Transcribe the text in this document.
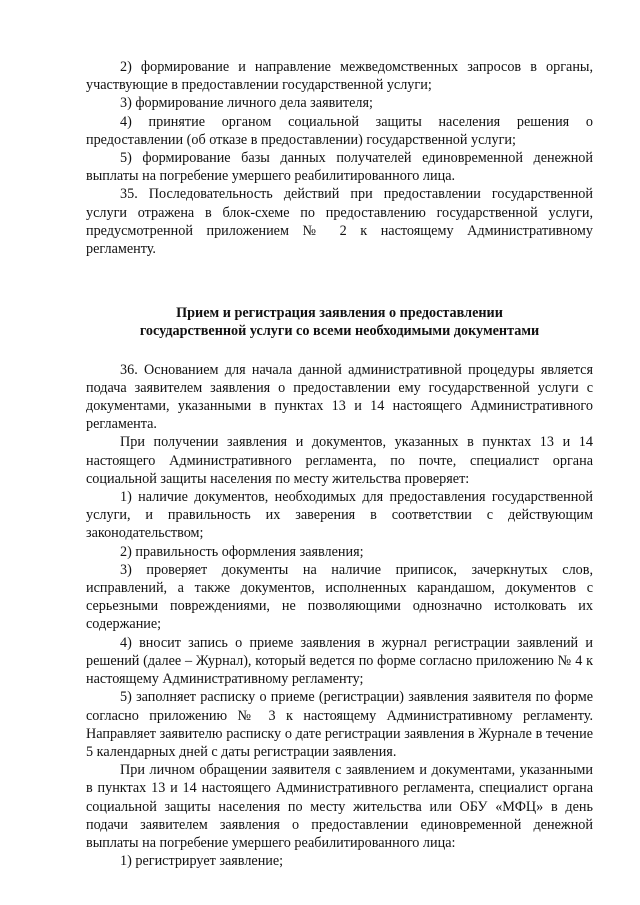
2) формирование и направление межведомственных запросов в органы, участвующие в предоставлении государственной услуги;

3) формирование личного дела заявителя;

4) принятие органом социальной защиты населения решения о предоставлении (об отказе в предоставлении) государственной услуги;

5) формирование базы данных получателей единовременной денежной выплаты на погребение умершего реабилитированного лица.

35. Последовательность действий при предоставлении государственной услуги отражена в блок-схеме по предоставлению государственной услуги, предусмотренной приложением № 2 к настоящему Административному регламенту.

Прием и регистрация заявления о предоставлении
государственной услуги со всеми необходимыми документами

36. Основанием для начала данной административной процедуры является подача заявителем заявления о предоставлении ему государственной услуги с документами, указанными в пунктах 13 и 14 настоящего Административного регламента.

При получении заявления и документов, указанных в пунктах 13 и 14 настоящего Административного регламента, по почте, специалист органа социальной защиты населения по месту жительства проверяет:

1) наличие документов, необходимых для предоставления государственной услуги, и правильность их заверения в соответствии с действующим законодательством;

2) правильность оформления заявления;

3) проверяет документы на наличие приписок, зачеркнутых слов, исправлений, а также документов, исполненных карандашом, документов с серьезными повреждениями, не позволяющими однозначно истолковать их содержание;

4) вносит запись о приеме заявления в журнал регистрации заявлений и решений (далее – Журнал), который ведется по форме согласно приложению № 4 к настоящему Административному регламенту;

5) заполняет расписку о приеме (регистрации) заявления заявителя по форме согласно приложению № 3 к настоящему Административному регламенту. Направляет заявителю расписку о дате регистрации заявления в Журнале в течение 5 календарных дней с даты регистрации заявления.

При личном обращении заявителя с заявлением и документами, указанными в пунктах 13 и 14 настоящего Административного регламента, специалист органа социальной защиты населения по месту жительства или ОБУ «МФЦ» в день подачи заявителем заявления о предоставлении единовременной денежной выплаты на погребение умершего реабилитированного лица:

1) регистрирует заявление;
